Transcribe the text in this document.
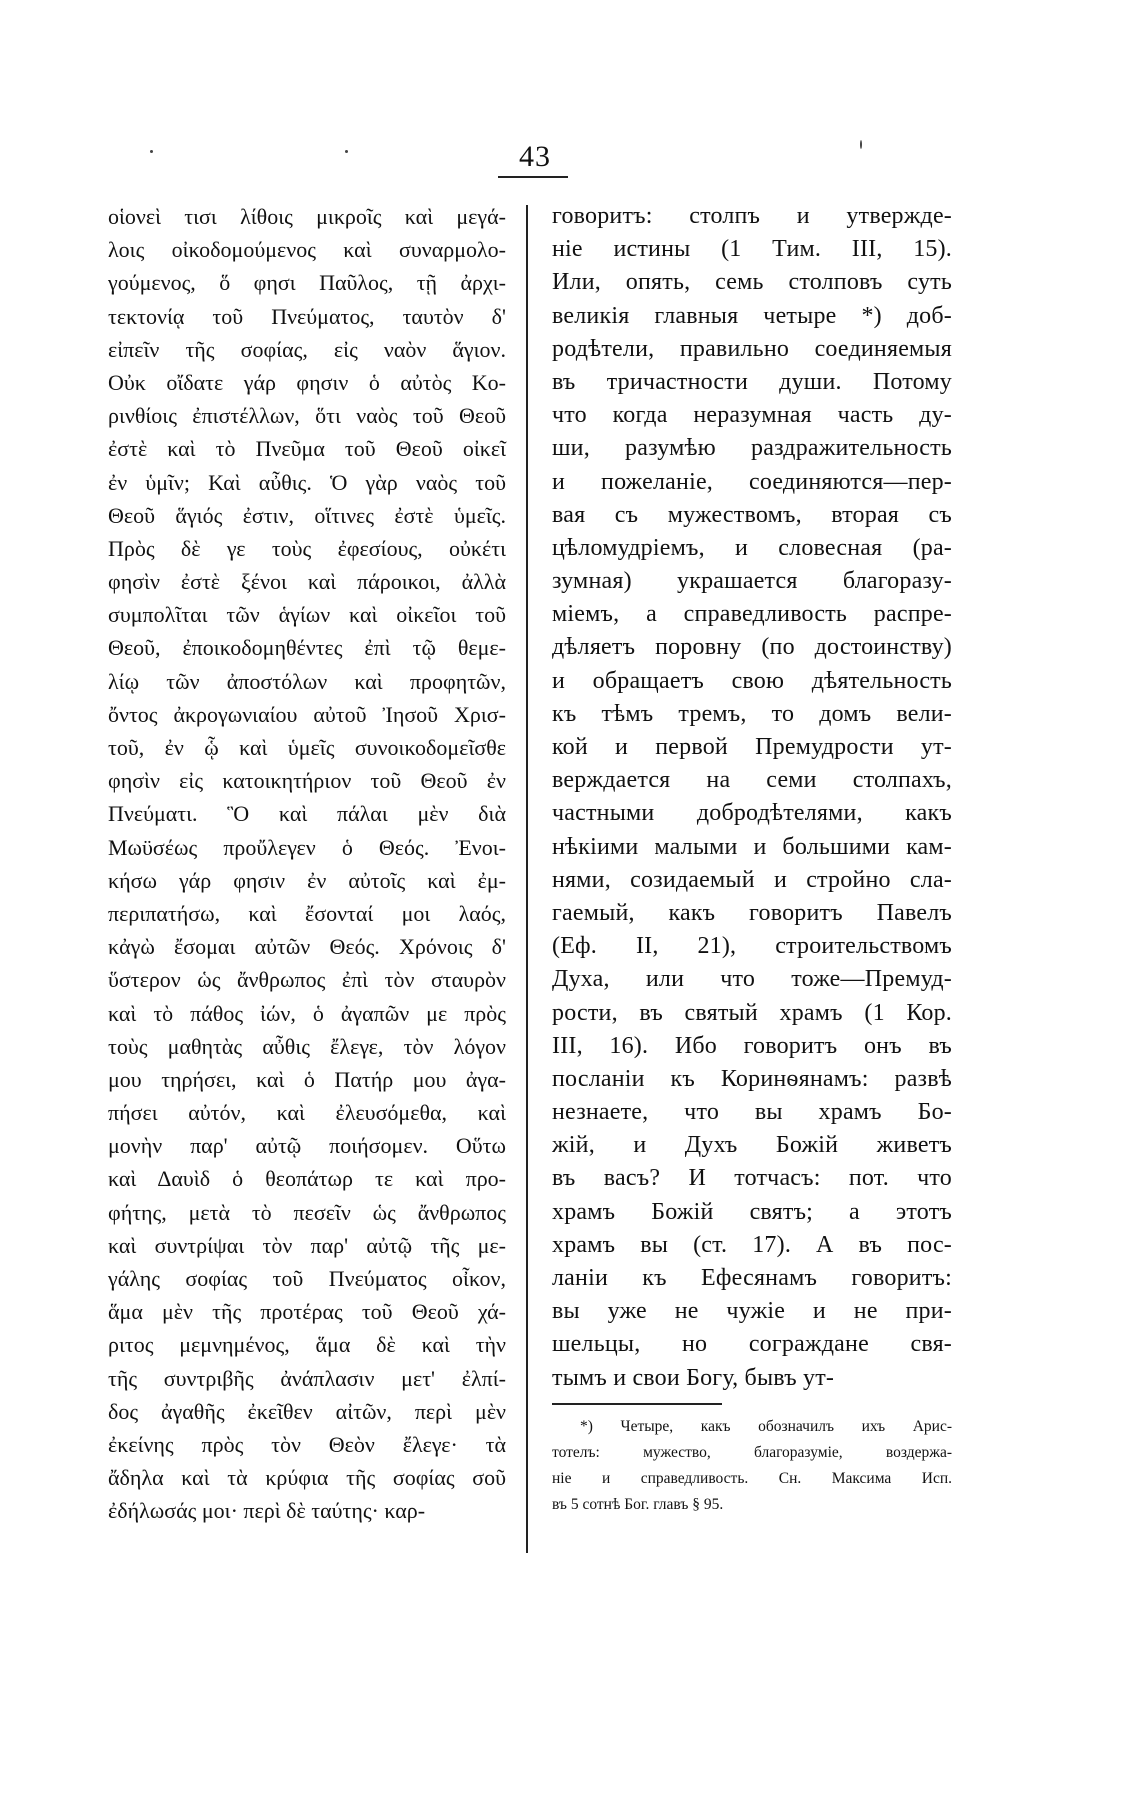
43
οἱονεὶ τισι λίθοις μικροῖς καὶ μεγά-
λοις οἰκοδομούμενος καὶ συναρμολο-
γούμενος, ὅ φησι Παῦλος, τῇ ἀρχι-
τεκτονίᾳ τοῦ Πνεύματος, ταυτὸν δ'
εἰπεῖν τῆς σοφίας, εἰς ναὸν ἅγιον.
Οὐκ οἴδατε γάρ φησιν ὁ αὐτὸς Κο-
ρινθίοις ἐπιστέλλων, ὅτι ναὸς τοῦ Θεοῦ
ἐστὲ καὶ τὸ Πνεῦμα τοῦ Θεοῦ οἰκεῖ
ἐν ὑμῖν; Καὶ αὖθις. Ὁ γὰρ ναὸς τοῦ
Θεοῦ ἅγιός ἐστιν, οἵτινες ἐστὲ ὑμεῖς.
Πρὸς δὲ γε τοὺς ἐφεσίους, οὐκέτι
φησὶν ἐστὲ ξένοι καὶ πάροικοι, ἀλλὰ
συμπολῖται τῶν ἁγίων καὶ οἰκεῖοι τοῦ
Θεοῦ, ἐποικοδομηθέντες ἐπὶ τῷ θεμε-
λίῳ τῶν ἀποστόλων καὶ προφητῶν,
ὄντος ἀκρογωνιαίου αὐτοῦ Ἰησοῦ Χρισ-
τοῦ, ἐν ᾧ καὶ ὑμεῖς συνοικοδομεῖσθε
φησὶν εἰς κατοικητήριον τοῦ Θεοῦ ἐν
Πνεύματι. Ὃ καὶ πάλαι μὲν διὰ
Μωϋσέως προὔλεγεν ὁ Θεός. Ἐνοι-
κήσω γάρ φησιν ἐν αὐτοῖς καὶ ἐμ-
περιπατήσω, καὶ ἔσονταί μοι λαός,
κἀγὼ ἔσομαι αὐτῶν Θεός. Χρόνοις δ'
ὕστερον ὡς ἄνθρωπος ἐπὶ τὸν σταυρὸν
καὶ τὸ πάθος ἰών, ὁ ἀγαπῶν με πρὸς
τοὺς μαθητὰς αὖθις ἔλεγε, τὸν λόγον
μου τηρήσει, καὶ ὁ Πατήρ μου ἀγα-
πήσει αὐτόν, καὶ ἐλευσόμεθα, καὶ
μονὴν παρ' αὐτῷ ποιήσομεν. Οὕτω
καὶ Δαυὶδ ὁ θεοπάτωρ τε καὶ προ-
φήτης, μετὰ τὸ πεσεῖν ὡς ἄνθρωπος
καὶ συντρίψαι τὸν παρ' αὐτῷ τῆς με-
γάλης σοφίας τοῦ Πνεύματος οἶκον,
ἅμα μὲν τῆς προτέρας τοῦ Θεοῦ χά-
ριτος μεμνημένος, ἅμα δὲ καὶ τὴν
τῆς συντριβῆς ἀνάπλασιν μετ' ἐλπί-
δος ἀγαθῆς ἐκεῖθεν αἰτῶν, περὶ μὲν
ἐκείνης πρὸς τὸν Θεὸν ἔλεγε· τὰ
ἄδηλα καὶ τὰ κρύφια τῆς σοφίας σοῦ
ἐδήλωσάς μοι· περὶ δὲ ταύτης· καρ-
говоритъ: столпъ и утвержде-
ніе истины (1 Тим. III, 15).
Или, опять, семь столповъ суть
великія главныя четыре *) доб-
родѣтели, правильно соединяемыя
въ тричастности души. Потому
что когда неразумная часть ду-
ши, разумѣю раздражительность
и пожеланіе, соединяются—пер-
вая съ мужествомъ, вторая съ
цѣломудріемъ, и словесная (ра-
зумная) украшается благоразу-
міемъ, а справедливость распре-
дѣляетъ поровну (по достоинству)
и обращаетъ свою дѣятельность
къ тѣмъ тремъ, то домъ вели-
кой и первой Премудрости ут-
верждается на семи столпахъ,
частными добродѣтелями, какъ
нѣкіими малыми и большими кам-
нями, созидаемый и стройно сла-
гаемый, какъ говоритъ Павелъ
(Еф. II, 21), строительствомъ
Духа, или что тоже—Премуд-
рости, въ святый храмъ (1 Кор.
III, 16). Ибо говоритъ онъ въ
посланіи къ Коринѳянамъ: развѣ
незнаете, что вы храмъ Бо-
жій, и Духъ Божій живетъ
въ васъ? И тотчасъ: пот. что
храмъ Божій святъ; а этотъ
храмъ вы (ст. 17). А въ пос-
ланіи къ Ефесянамъ говоритъ:
вы уже не чужіе и не при-
шельцы, но сограждане свя-
тымъ и свои Богу, бывъ ут-
*) Четыре, какъ обозначилъ ихъ Арис-
тотелъ: мужество, благоразуміе, воздержа-
ніе и справедливость. Сн. Максима Исп.
въ 5 сотнѣ Бог. главъ § 95.
